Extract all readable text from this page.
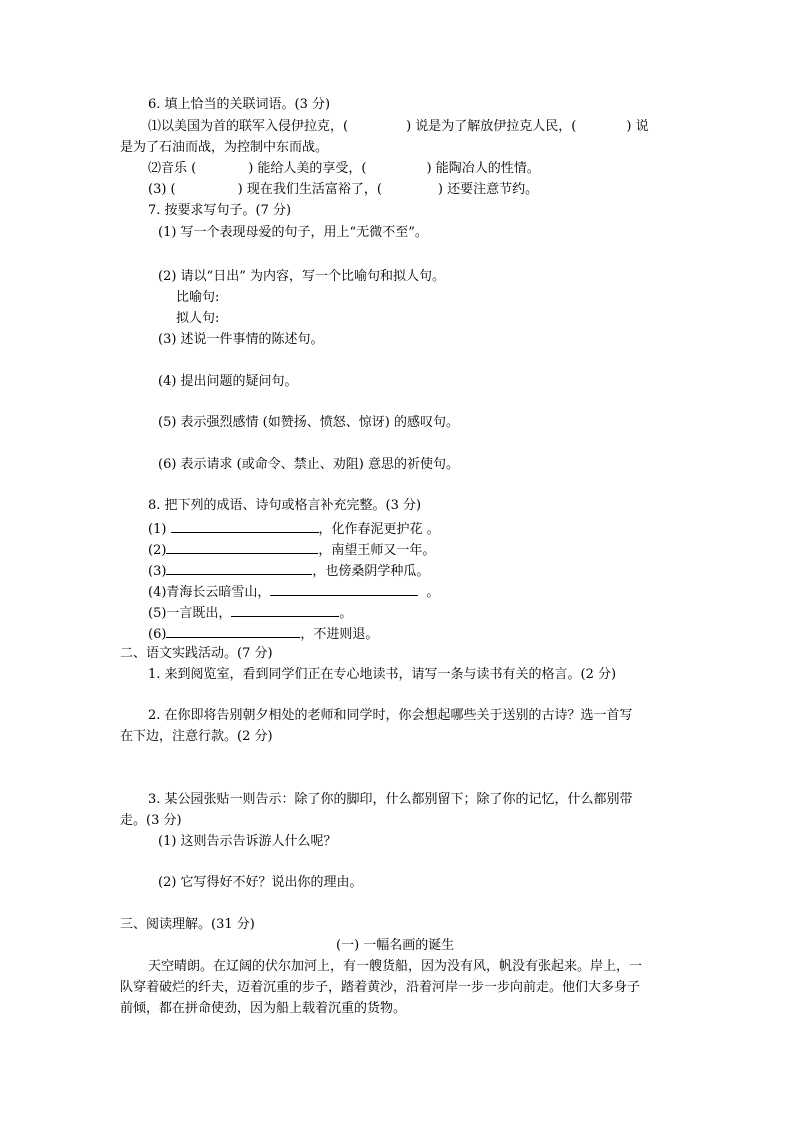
6. 填上恰当的关联词语。(3 分)
⑴以美国为首的联军入侵伊拉克，(	) 说是为了解放伊拉克人民，(	) 说
是为了石油而战，为控制中东而战。
⑵音乐 (	) 能给人美的享受，(	) 能陶冶人的性情。
(3) (	) 现在我们生活富裕了，(	) 还要注意节约。
7. 按要求写句子。(7 分)
(1) 写一个表现母爱的句子，用上“无微不至”。
(2) 请以“日出” 为内容，写一个比喻句和拟人句。
比喻句:
拟人句:
(3) 述说一件事情的陈述句。
(4) 提出问题的疑问句。
(5) 表示强烈感情 (如赞扬、愤怒、惊讶) 的感叹句。
(6) 表示请求 (或命令、禁止、劝阻) 意思的祈使句。
8. 把下列的成语、诗句或格言补充完整。(3 分)
(1)	，化作春泥更护花 。
(2)	，南望王师又一年。
(3)	，也傍桑阴学种瓜。
(4)青海长云暗雪山，	。
(5)一言既出，	。
(6)	，不进则退。
二、语文实践活动。(7 分)
1. 来到阅览室，看到同学们正在专心地读书，请写一条与读书有关的格言。(2 分)
2. 在你即将告别朝夕相处的老师和同学时，你会想起哪些关于送别的古诗？选一首写
在下边，注意行款。(2 分)
3. 某公园张贴一则告示：除了你的脚印，什么都别留下；除了你的记忆，什么都别带
走。(3 分)
(1) 这则告示告诉游人什么呢？
(2) 它写得好不好？说出你的理由。
三、阅读理解。(31 分)
(一) 一幅名画的诞生
天空晴朗。在辽阔的伏尔加河上，有一艘货船，因为没有风，帆没有张起来。岸上，一
队穿着破烂的纤夫，迈着沉重的步子，踏着黄沙，沿着河岸一步一步向前走。他们大多身子
前倾，都在拼命使劲，因为船上载着沉重的货物。
